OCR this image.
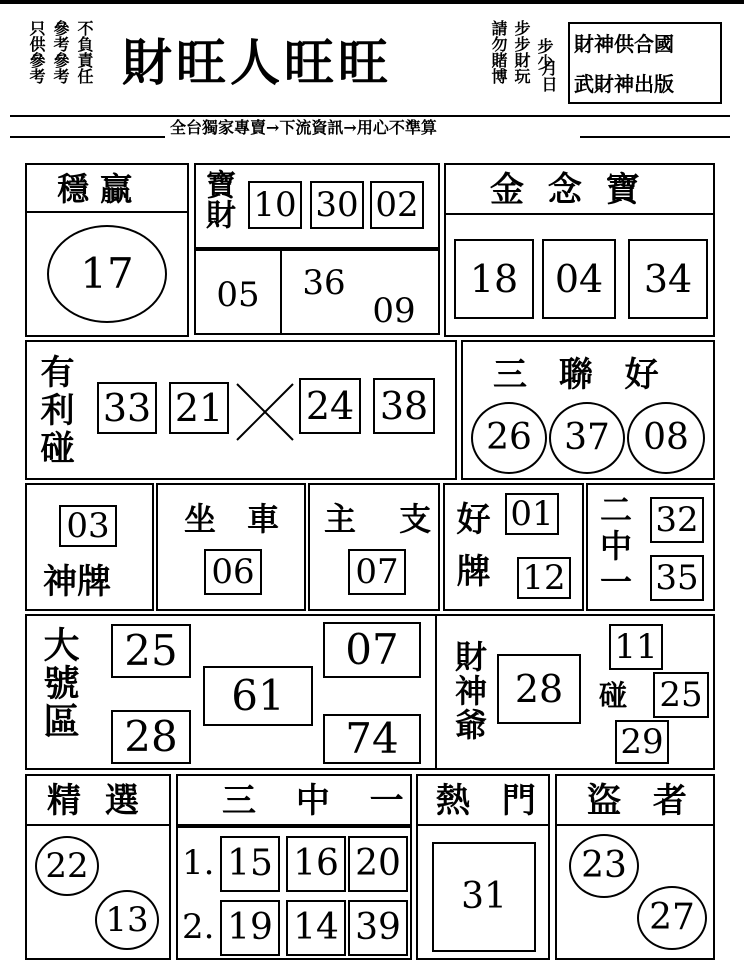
不負責任
參考參考
只供參考 財旺人旺旺	請勿賭博 步步財玩 步少
月日
財神供合國
武財神出版
全台獨家專賣→下流資訊→用心不準算
穩 贏
17
寶財 10 30 02
05 36
09
金 念 寶
18 04	34
有利碰 33 21 24 38
三 聯 好
26 37 08
03
神牌
坐 車
06
主 支
07 好牌 01
12 二中一 32
35
大號區	25
28
61
07
74	財神爺 28
11
碰 25
29
精 選
22
13
三 中 一
1. 15 16 20
2. 19 14 39
熱 門
31
盜 者
23
27
